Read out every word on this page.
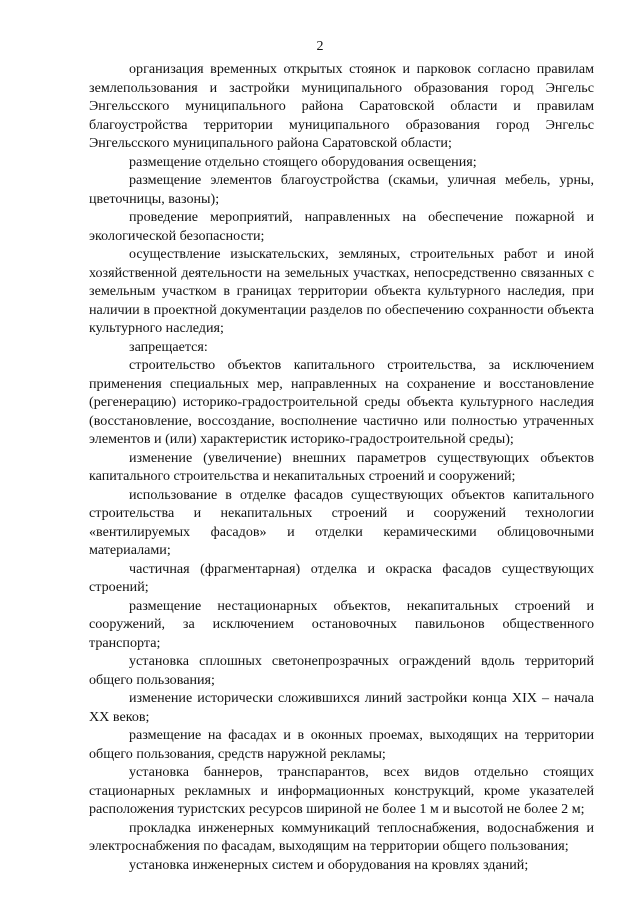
2

организация временных открытых стоянок и парковок согласно правилам землепользования и застройки муниципального образования город Энгельс Энгельсского муниципального района Саратовской области и правилам благоустройства территории муниципального образования город Энгельс Энгельсского муниципального района Саратовской области;

размещение отдельно стоящего оборудования освещения;

размещение элементов благоустройства (скамьи, уличная мебель, урны, цветочницы, вазоны);

проведение мероприятий, направленных на обеспечение пожарной и экологической безопасности;

осуществление изыскательских, земляных, строительных работ и иной хозяйственной деятельности на земельных участках, непосредственно связанных с земельным участком в границах территории объекта культурного наследия, при наличии в проектной документации разделов по обеспечению сохранности объекта культурного наследия;

запрещается:

строительство объектов капитального строительства, за исключением применения специальных мер, направленных на сохранение и восстановление (регенерацию) историко-градостроительной среды объекта культурного наследия (восстановление, воссоздание, восполнение частично или полностью утраченных элементов и (или) характеристик историко-градостроительной среды);

изменение (увеличение) внешних параметров существующих объектов капитального строительства и некапитальных строений и сооружений;

использование в отделке фасадов существующих объектов капитального строительства и некапитальных строений и сооружений технологии «вентилируемых фасадов» и отделки керамическими облицовочными материалами;

частичная (фрагментарная) отделка и окраска фасадов существующих строений;

размещение нестационарных объектов, некапитальных строений и сооружений, за исключением остановочных павильонов общественного транспорта;

установка сплошных светонепрозрачных ограждений вдоль территорий общего пользования;

изменение исторически сложившихся линий застройки конца XIX – начала XX веков;

размещение на фасадах и в оконных проемах, выходящих на территории общего пользования, средств наружной рекламы;

установка баннеров, транспарантов, всех видов отдельно стоящих стационарных рекламных и информационных конструкций, кроме указателей расположения туристских ресурсов шириной не более 1 м и высотой не более 2 м;

прокладка инженерных коммуникаций теплоснабжения, водоснабжения и электроснабжения по фасадам, выходящим на территории общего пользования;

установка инженерных систем и оборудования на кровлях зданий;
